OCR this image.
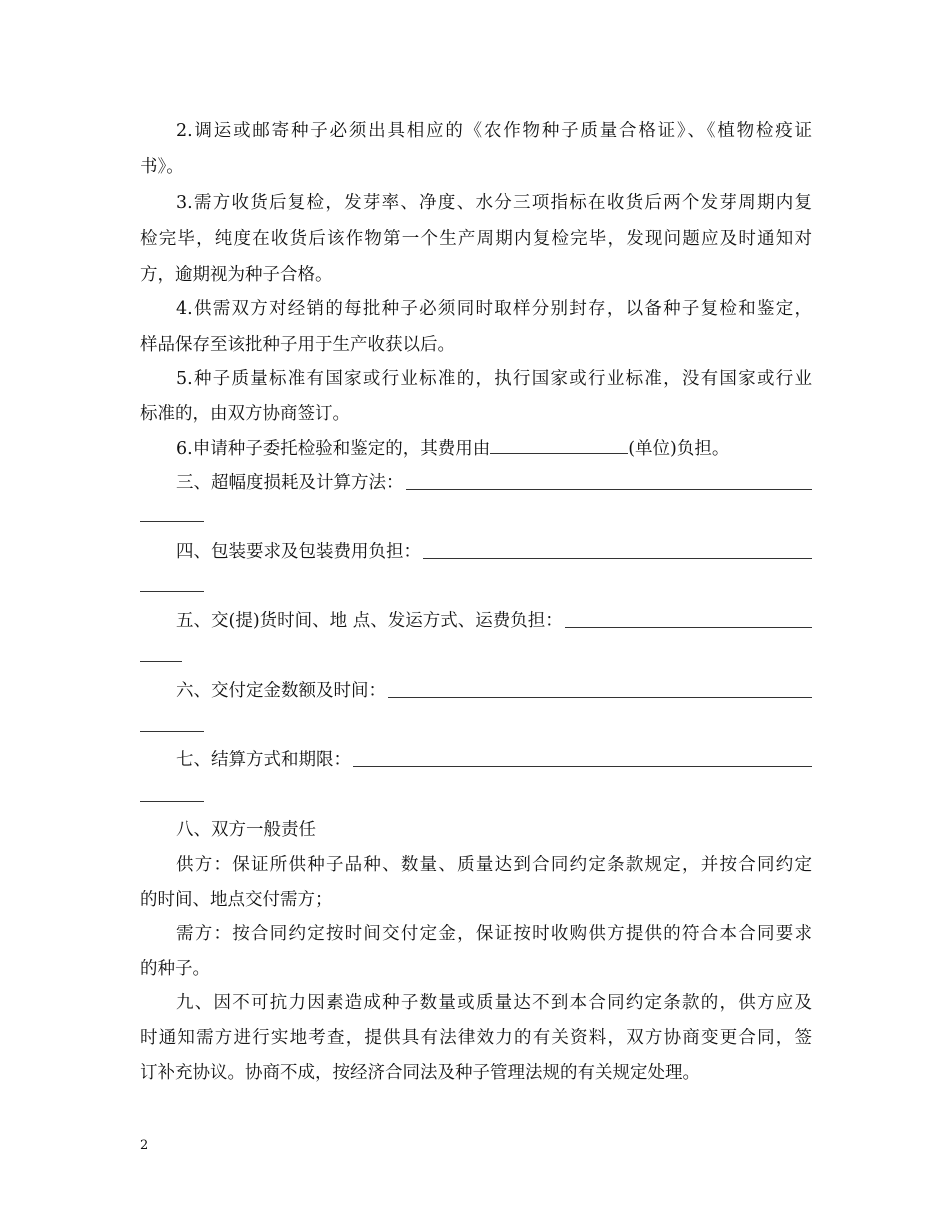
2.调运或邮寄种子必须出具相应的《农作物种子质量合格证》、《植物检疫证
书》。
3.需方收货后复检，发芽率、净度、水分三项指标在收货后两个发芽周期内复
检完毕，纯度在收货后该作物第一个生产周期内复检完毕，发现问题应及时通知对
方，逾期视为种子合格。
4.供需双方对经销的每批种子必须同时取样分别封存，以备种子复检和鉴定，
样品保存至该批种子用于生产收获以后。
5.种子质量标准有国家或行业标准的，执行国家或行业标准，没有国家或行业
标准的，由双方协商签订。
6.申请种子委托检验和鉴定的，其费用由	(单位)负担。
三、超幅度损耗及计算方法：
四、包装要求及包装费用负担：
五、交(提)货时间、地 点、发运方式、运费负担：
六、交付定金数额及时间：
七、结算方式和期限：
八、双方一般责任
供方：保证所供种子品种、数量、质量达到合同约定条款规定，并按合同约定
的时间、地点交付需方；
需方：按合同约定按时间交付定金，保证按时收购供方提供的符合本合同要求
的种子。
九、因不可抗力因素造成种子数量或质量达不到本合同约定条款的，供方应及
时通知需方进行实地考查，提供具有法律效力的有关资料，双方协商变更合同，签
订补充协议。协商不成，按经济合同法及种子管理法规的有关规定处理。
2
